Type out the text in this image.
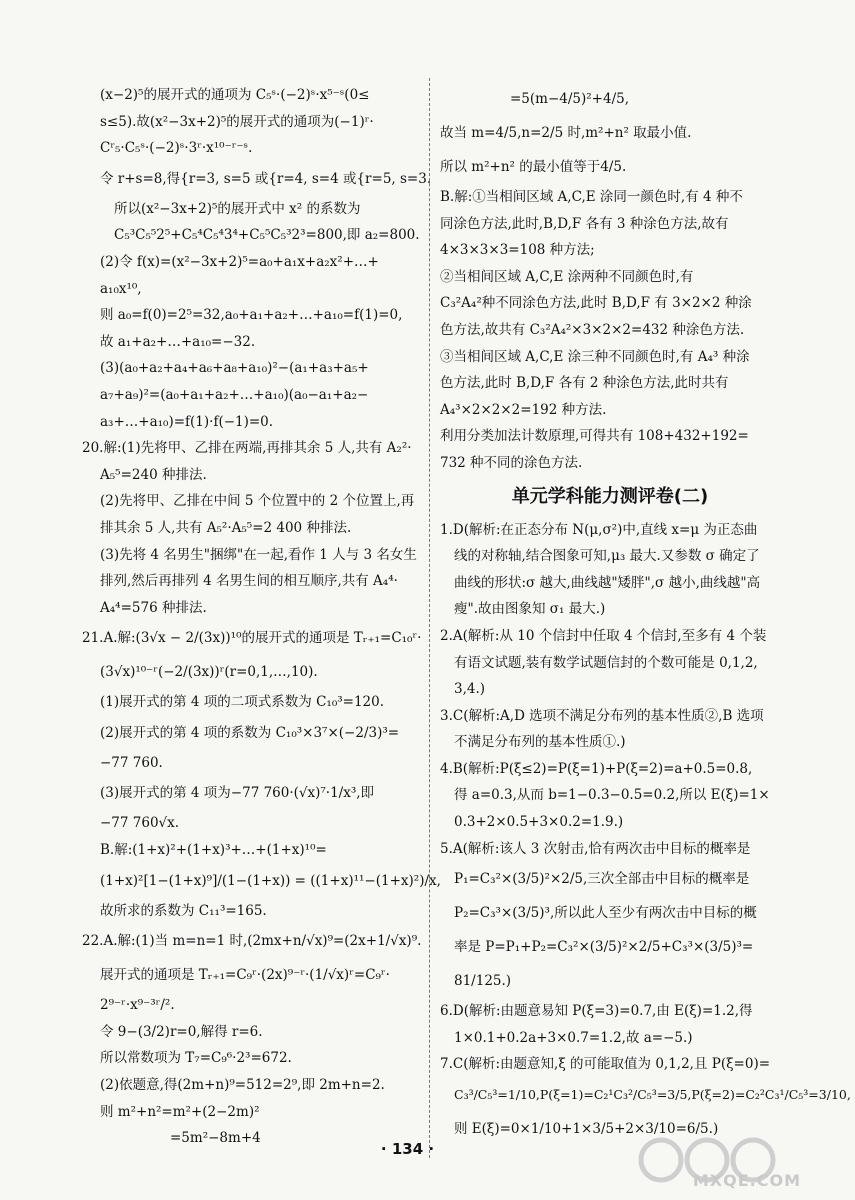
(x−2)⁵的展开式的通项为 C₅ˢ·(−2)ˢ·x⁵⁻ˢ(0≤
s≤5).故(x²−3x+2)⁵的展开式的通项为(−1)ʳ·
Cʳ₅·C₅ˢ·(−2)ˢ·3ʳ·x¹⁰⁻ʳ⁻ˢ.
令 r+s=8,得{r=3, s=5 或{r=4, s=4 或{r=5, s=3.
所以(x²−3x+2)⁵的展开式中 x² 的系数为
C₅³C₅⁵2⁵+C₅⁴C₅⁴3⁴+C₅⁵C₅³2³=800,即 a₂=800.
(2)令 f(x)=(x²−3x+2)⁵=a₀+a₁x+a₂x²+…+
a₁₀x¹⁰,
则 a₀=f(0)=2⁵=32,a₀+a₁+a₂+…+a₁₀=f(1)=0,
故 a₁+a₂+…+a₁₀=−32.
(3)(a₀+a₂+a₄+a₆+a₈+a₁₀)²−(a₁+a₃+a₅+
a₇+a₉)²=(a₀+a₁+a₂+…+a₁₀)(a₀−a₁+a₂−
a₃+…+a₁₀)=f(1)·f(−1)=0.
20.解:(1)先将甲、乙排在两端,再排其余 5 人,共有 A₂²·
A₅⁵=240 种排法.
(2)先将甲、乙排在中间 5 个位置中的 2 个位置上,再
排其余 5 人,共有 A₅²·A₅⁵=2 400 种排法.
(3)先将 4 名男生"捆绑"在一起,看作 1 人与 3 名女生
排列,然后再排列 4 名男生间的相互顺序,共有 A₄⁴·
A₄⁴=576 种排法.
21.A.解:(3√x − 2/(3x))¹⁰的展开式的通项是 Tᵣ₊₁=C₁₀ʳ·
(3√x)¹⁰⁻ʳ(−2/(3x))ʳ(r=0,1,…,10).
(1)展开式的第 4 项的二项式系数为 C₁₀³=120.
(2)展开式的第 4 项的系数为 C₁₀³×3⁷×(−2/3)³=
−77 760.
(3)展开式的第 4 项为−77 760·(√x)⁷·1/x³,即
−77 760√x.
B.解:(1+x)²+(1+x)³+…+(1+x)¹⁰=
(1+x)²[1−(1+x)⁹]/(1−(1+x)) = ((1+x)¹¹−(1+x)²)/x,
故所求的系数为 C₁₁³=165.
22.A.解:(1)当 m=n=1 时,(2mx+n/√x)⁹=(2x+1/√x)⁹.
展开式的通项是 Tᵣ₊₁=C₉ʳ·(2x)⁹⁻ʳ·(1/√x)ʳ=C₉ʳ·
2⁹⁻ʳ·x⁹⁻³ʳ/².
令 9−(3/2)r=0,解得 r=6.
所以常数项为 T₇=C₉⁶·2³=672.
(2)依题意,得(2m+n)⁹=512=2⁹,即 2m+n=2.
则 m²+n²=m²+(2−2m)²
=5m²−8m+4
=5(m−4/5)²+4/5,
故当 m=4/5,n=2/5 时,m²+n² 取最小值.
所以 m²+n² 的最小值等于4/5.
B.解:①当相间区域 A,C,E 涂同一颜色时,有 4 种不
同涂色方法,此时,B,D,F 各有 3 种涂色方法,故有
4×3×3×3=108 种方法;
②当相间区域 A,C,E 涂两种不同颜色时,有
C₃²A₄²种不同涂色方法,此时 B,D,F 有 3×2×2 种涂
色方法,故共有 C₃²A₄²×3×2×2=432 种涂色方法.
③当相间区域 A,C,E 涂三种不同颜色时,有 A₄³ 种涂
色方法,此时 B,D,F 各有 2 种涂色方法,此时共有
A₄³×2×2×2=192 种方法.
利用分类加法计数原理,可得共有 108+432+192=
732 种不同的涂色方法.
单元学科能力测评卷(二)
1.D(解析:在正态分布 N(μ,σ²)中,直线 x=μ 为正态曲
线的对称轴,结合图象可知,μ₃ 最大.又参数 σ 确定了
曲线的形状:σ 越大,曲线越"矮胖",σ 越小,曲线越"高
瘦".故由图象知 σ₁ 最大.)
2.A(解析:从 10 个信封中任取 4 个信封,至多有 4 个装
有语文试题,装有数学试题信封的个数可能是 0,1,2,
3,4.)
3.C(解析:A,D 选项不满足分布列的基本性质②,B 选项
不满足分布列的基本性质①.)
4.B(解析:P(ξ≤2)=P(ξ=1)+P(ξ=2)=a+0.5=0.8,
得 a=0.3,从而 b=1−0.3−0.5=0.2,所以 E(ξ)=1×
0.3+2×0.5+3×0.2=1.9.)
5.A(解析:该人 3 次射击,恰有两次击中目标的概率是
P₁=C₃²×(3/5)²×2/5,三次全部击中目标的概率是
P₂=C₃³×(3/5)³,所以此人至少有两次击中目标的概
率是 P=P₁+P₂=C₃²×(3/5)²×2/5+C₃³×(3/5)³=
81/125.)
6.D(解析:由题意易知 P(ξ=3)=0.7,由 E(ξ)=1.2,得
1×0.1+0.2a+3×0.7=1.2,故 a=−5.)
7.C(解析:由题意知,ξ 的可能取值为 0,1,2,且 P(ξ=0)=
C₃³/C₅³=1/10,P(ξ=1)=C₂¹C₃²/C₅³=3/5,P(ξ=2)=C₂²C₃¹/C₅³=3/10,
则 E(ξ)=0×1/10+1×3/5+2×3/10=6/5.)
· 134 ·
MXQE.COM
